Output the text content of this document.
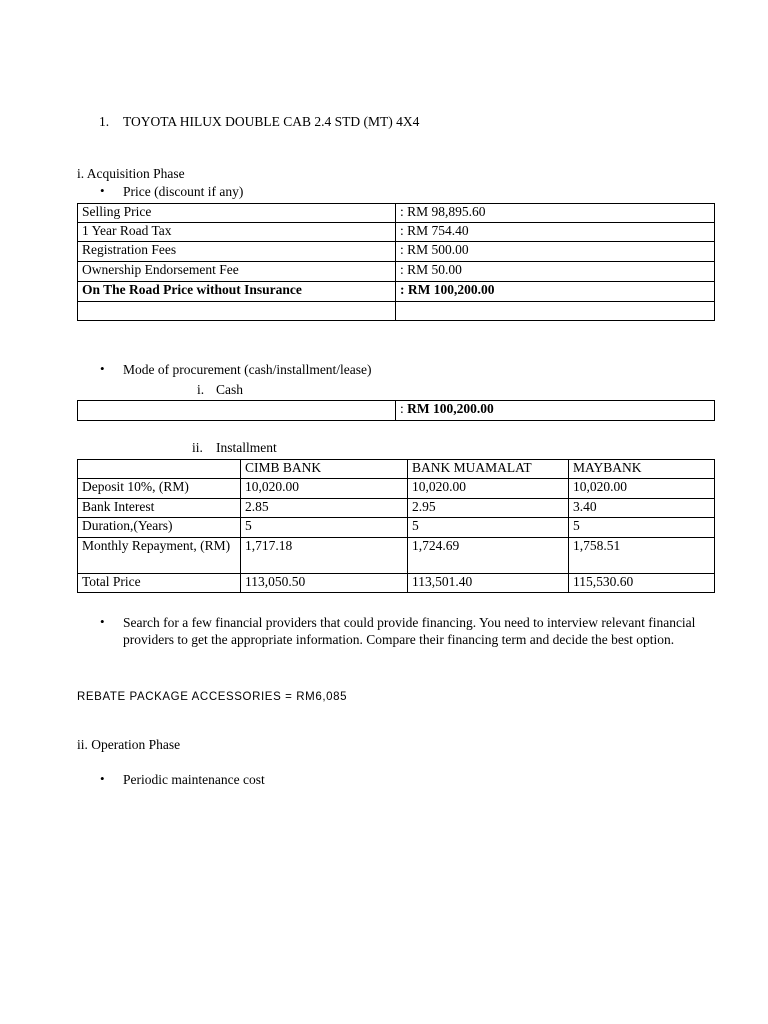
1. TOYOTA HILUX DOUBLE CAB 2.4 STD (MT) 4X4
i. Acquisition Phase
• Price (discount if any)
Selling Price	: RM 98,895.60
1 Year Road Tax	: RM 754.40
Registration Fees	: RM 500.00
Ownership Endorsement Fee	: RM 50.00
On The Road Price without Insurance	: RM 100,200.00

• Mode of procurement (cash/installment/lease)
i. Cash
	: RM 100,200.00
ii. Installment
	CIMB BANK	BANK MUAMALAT	MAYBANK
Deposit 10%, (RM)	10,020.00	10,020.00	10,020.00
Bank Interest	2.85	2.95	3.40
Duration,(Years)	5	5	5
Monthly Repayment, (RM)	1,717.18	1,724.69	1,758.51
Total Price	113,050.50	113,501.40	115,530.60
• Search for a few financial providers that could provide financing. You need to interview relevant financial providers to get the appropriate information. Compare their financing term and decide the best option.
REBATE PACKAGE ACCESSORIES = RM6,085
ii. Operation Phase
• Periodic maintenance cost
